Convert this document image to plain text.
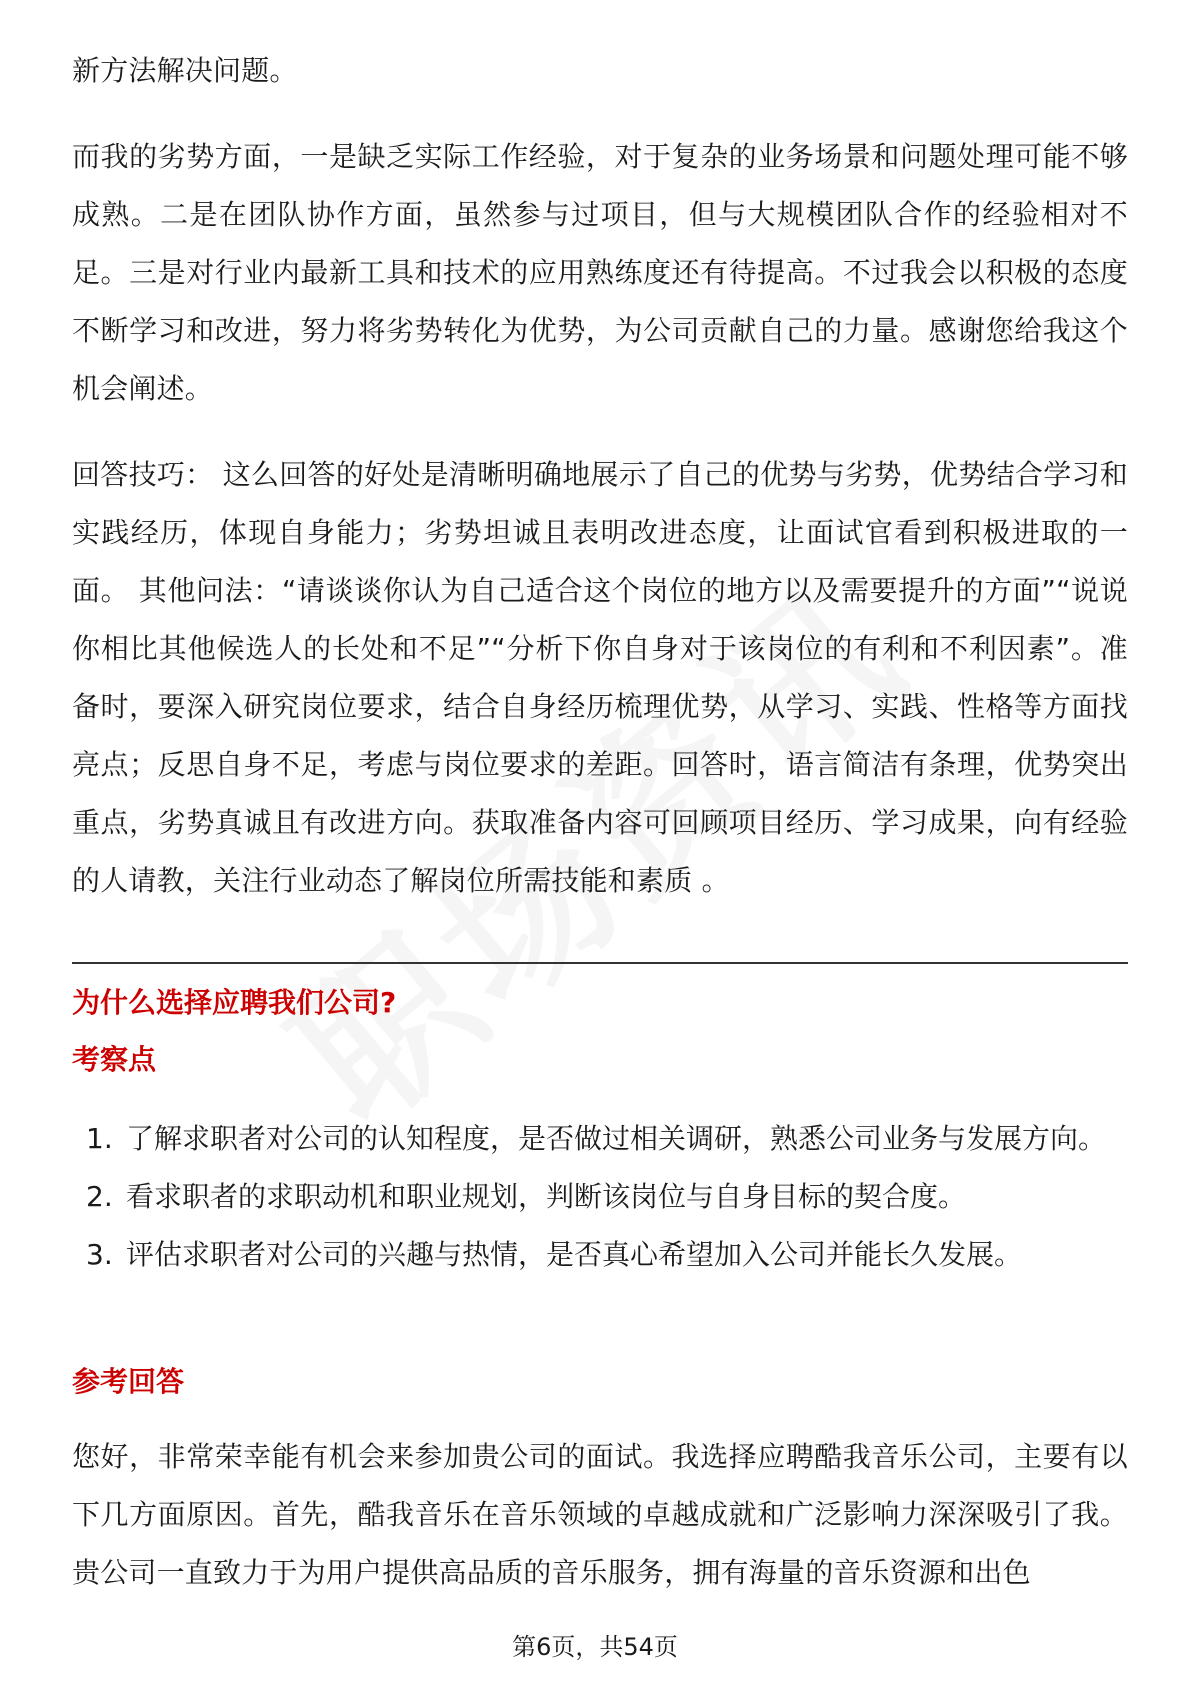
新方法解决问题。

而我的劣势方面，一是缺乏实际工作经验，对于复杂的业务场景和问题处理可能不够成熟。二是在团队协作方面，虽然参与过项目，但与大规模团队合作的经验相对不足。三是对行业内最新工具和技术的应用熟练度还有待提高。不过我会以积极的态度不断学习和改进，努力将劣势转化为优势，为公司贡献自己的力量。感谢您给我这个机会阐述。

回答技巧： 这么回答的好处是清晰明确地展示了自己的优势与劣势，优势结合学习和实践经历，体现自身能力；劣势坦诚且表明改进态度，让面试官看到积极进取的一面。 其他问法：“请谈谈你认为自己适合这个岗位的地方以及需要提升的方面”“说说你相比其他候选人的长处和不足”“分析下你自身对于该岗位的有利和不利因素”。准备时，要深入研究岗位要求，结合自身经历梳理优势，从学习、实践、性格等方面找亮点；反思自身不足，考虑与岗位要求的差距。回答时，语言简洁有条理，优势突出重点，劣势真诚且有改进方向。获取准备内容可回顾项目经历、学习成果，向有经验的人请教，关注行业动态了解岗位所需技能和素质 。

为什么选择应聘我们公司?
考察点
1. 了解求职者对公司的认知程度，是否做过相关调研，熟悉公司业务与发展方向。
2. 看求职者的求职动机和职业规划，判断该岗位与自身目标的契合度。
3. 评估求职者对公司的兴趣与热情，是否真心希望加入公司并能长久发展。
参考回答

您好，非常荣幸能有机会来参加贵公司的面试。我选择应聘酷我音乐公司，主要有以下几方面原因。首先，酷我音乐在音乐领域的卓越成就和广泛影响力深深吸引了我。贵公司一直致力于为用户提供高品质的音乐服务，拥有海量的音乐资源和出色

第6页，共54页
